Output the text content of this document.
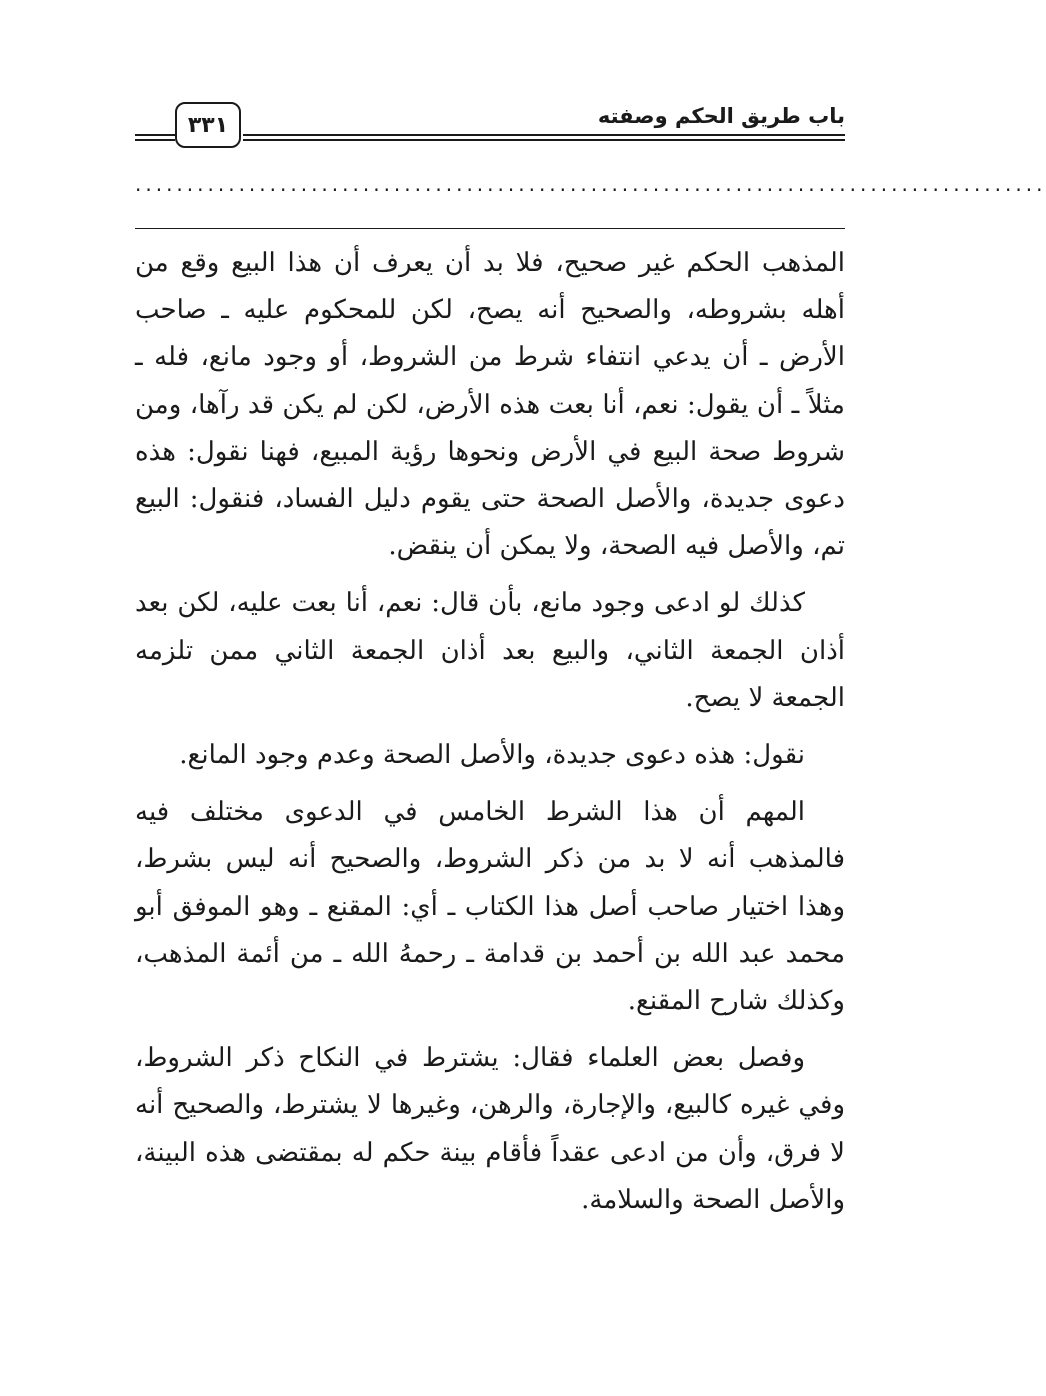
باب طريق الحكم وصفته
٣٣١
........................................................................................

المذهب الحكم غير صحيح، فلا بد أن يعرف أن هذا البيع وقع من أهله بشروطه، والصحيح أنه يصح، لكن للمحكوم عليه ـ صاحب الأرض ـ أن يدعي انتفاء شرط من الشروط، أو وجود مانع، فله ـ مثلاً ـ أن يقول: نعم، أنا بعت هذه الأرض، لكن لم يكن قد رآها، ومن شروط صحة البيع في الأرض ونحوها رؤية المبيع، فهنا نقول: هذه دعوى جديدة، والأصل الصحة حتى يقوم دليل الفساد، فنقول: البيع تم، والأصل فيه الصحة، ولا يمكن أن ينقض.

كذلك لو ادعى وجود مانع، بأن قال: نعم، أنا بعت عليه، لكن بعد أذان الجمعة الثاني، والبيع بعد أذان الجمعة الثاني ممن تلزمه الجمعة لا يصح.

نقول: هذه دعوى جديدة، والأصل الصحة وعدم وجود المانع.

المهم أن هذا الشرط الخامس في الدعوى مختلف فيه فالمذهب أنه لا بد من ذكر الشروط، والصحيح أنه ليس بشرط، وهذا اختيار صاحب أصل هذا الكتاب ـ أي: المقنع ـ وهو الموفق أبو محمد عبد الله بن أحمد بن قدامة ـ رحمهُ الله ـ من أئمة المذهب، وكذلك شارح المقنع.

وفصل بعض العلماء فقال: يشترط في النكاح ذكر الشروط، وفي غيره كالبيع، والإجارة، والرهن، وغيرها لا يشترط، والصحيح أنه لا فرق، وأن من ادعى عقداً فأقام بينة حكم له بمقتضى هذه البينة، والأصل الصحة والسلامة.
